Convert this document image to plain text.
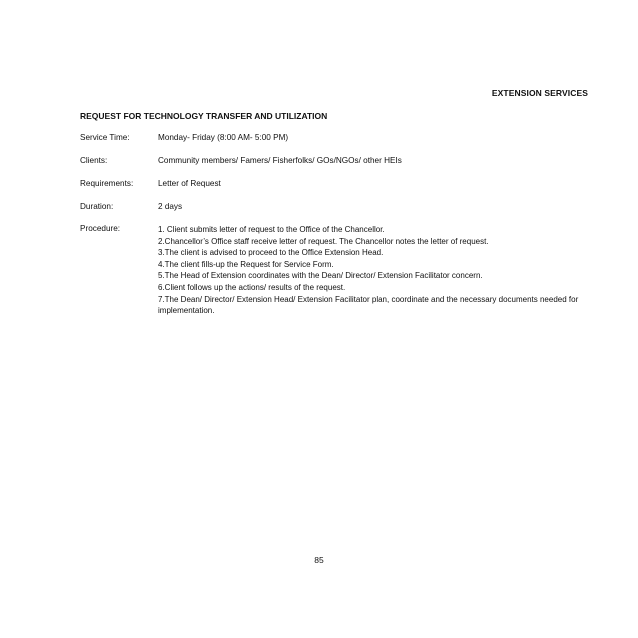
EXTENSION SERVICES
REQUEST FOR TECHNOLOGY TRANSFER AND UTILIZATION
Service Time:	Monday- Friday (8:00 AM- 5:00 PM)
Clients:	Community members/ Famers/ Fisherfolks/ GOs/NGOs/ other HEIs
Requirements:	Letter of Request
Duration:	2 days
Procedure:	1. Client submits letter of request to the Office of the Chancellor.
2.Chancellor’s Office staff receive letter of request. The Chancellor notes the letter of request.
3.The client is advised to proceed to the Office Extension Head.
4.The client fills-up the Request for Service Form.
5.The Head of Extension coordinates with the Dean/ Director/ Extension Facilitator concern.
6.Client follows up the actions/ results of the request.
7.The Dean/ Director/ Extension Head/ Extension Facilitator plan, coordinate and the necessary documents needed for implementation.
85
